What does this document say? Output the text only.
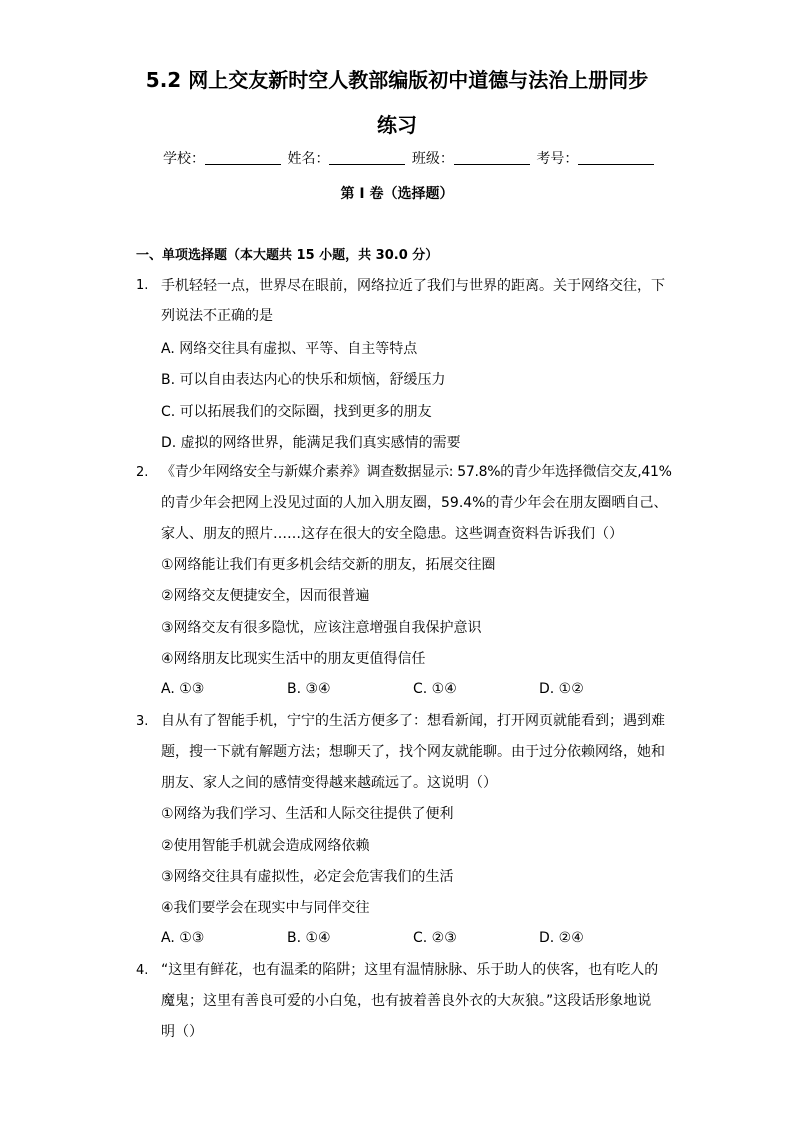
5.2 网上交友新时空人教部编版初中道德与法治上册同步
练习
学校：	姓名：	班级：	考号：
第 I 卷（选择题）
一、单项选择题（本大题共 15 小题，共 30.0 分）
1. 手机轻轻一点，世界尽在眼前，网络拉近了我们与世界的距离。关于网络交往，下
列说法不正确的是
A. 网络交往具有虚拟、平等、自主等特点
B. 可以自由表达内心的快乐和烦恼，舒缓压力
C. 可以拓展我们的交际圈，找到更多的朋友
D. 虚拟的网络世界，能满足我们真实感情的需要
2. 《青少年网络安全与新媒介素养》调查数据显示: 57.8%的青少年选择微信交友,41%
的青少年会把网上没见过面的人加入朋友圈，59.4%的青少年会在朋友圈晒自己、
家人、朋友的照片……这存在很大的安全隐患。这些调查资料告诉我们（）
①网络能让我们有更多机会结交新的朋友，拓展交往圈
②网络交友便捷安全，因而很普遍
③网络交友有很多隐忧，应该注意增强自我保护意识
④网络朋友比现实生活中的朋友更值得信任
A. ①③	B. ③④	C. ①④	D. ①②
3. 自从有了智能手机，宁宁的生活方便多了：想看新闻，打开网页就能看到；遇到难
题，搜一下就有解题方法；想聊天了，找个网友就能聊。由于过分依赖网络，她和
朋友、家人之间的感情变得越来越疏远了。这说明（）
①网络为我们学习、生活和人际交往提供了便利
②使用智能手机就会造成网络依赖
③网络交往具有虚拟性，必定会危害我们的生活
④我们要学会在现实中与同伴交往
A. ①③	B. ①④	C. ②③	D. ②④
4. “这里有鲜花，也有温柔的陷阱；这里有温情脉脉、乐于助人的侠客，也有吃人的
魔鬼；这里有善良可爱的小白兔，也有披着善良外衣的大灰狼。”这段话形象地说
明（）
